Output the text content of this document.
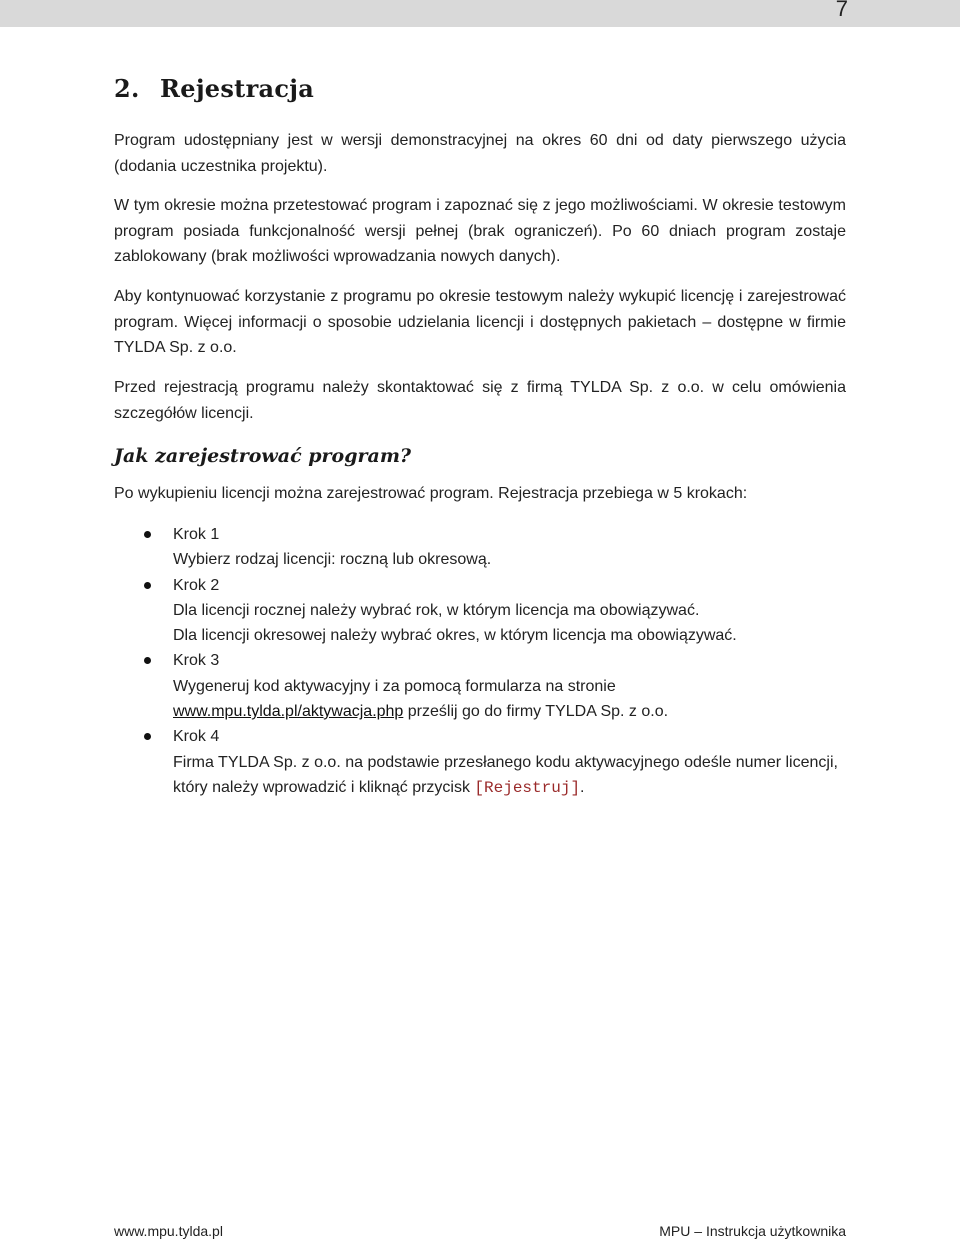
7
2. Rejestracja
Program udostępniany jest w wersji demonstracyjnej na okres 60 dni od daty pierwszego użycia (dodania uczestnika projektu).
W tym okresie można przetestować program i zapoznać się z jego możliwościami. W okresie testowym program posiada funkcjonalność wersji pełnej (brak ograniczeń). Po 60 dniach program zostaje zablokowany (brak możliwości wprowadzania nowych danych).
Aby kontynuować korzystanie z programu po okresie testowym należy wykupić licencję i zarejestrować program. Więcej informacji o sposobie udzielania licencji i dostępnych pakietach – dostępne w firmie TYLDA Sp. z o.o.
Przed rejestracją programu należy skontaktować się z firmą TYLDA Sp. z o.o. w celu omówienia szczegółów licencji.
Jak zarejestrować program?
Po wykupieniu licencji można zarejestrować program. Rejestracja przebiega w 5 krokach:
Krok 1
Wybierz rodzaj licencji: roczną lub okresową.
Krok 2
Dla licencji rocznej należy wybrać rok, w którym licencja ma obowiązywać.
Dla licencji okresowej należy wybrać okres, w którym licencja ma obowiązywać.
Krok 3
Wygeneruj kod aktywacyjny i za pomocą formularza na stronie
www.mpu.tylda.pl/aktywacja.php prześlij go do firmy TYLDA Sp. z o.o.
Krok 4
Firma TYLDA Sp. z o.o. na podstawie przesłanego kodu aktywacyjnego odeśle numer licencji,
który należy wprowadzić i kliknąć przycisk [Rejestruj].
www.mpu.tylda.pl	MPU – Instrukcja użytkownika
